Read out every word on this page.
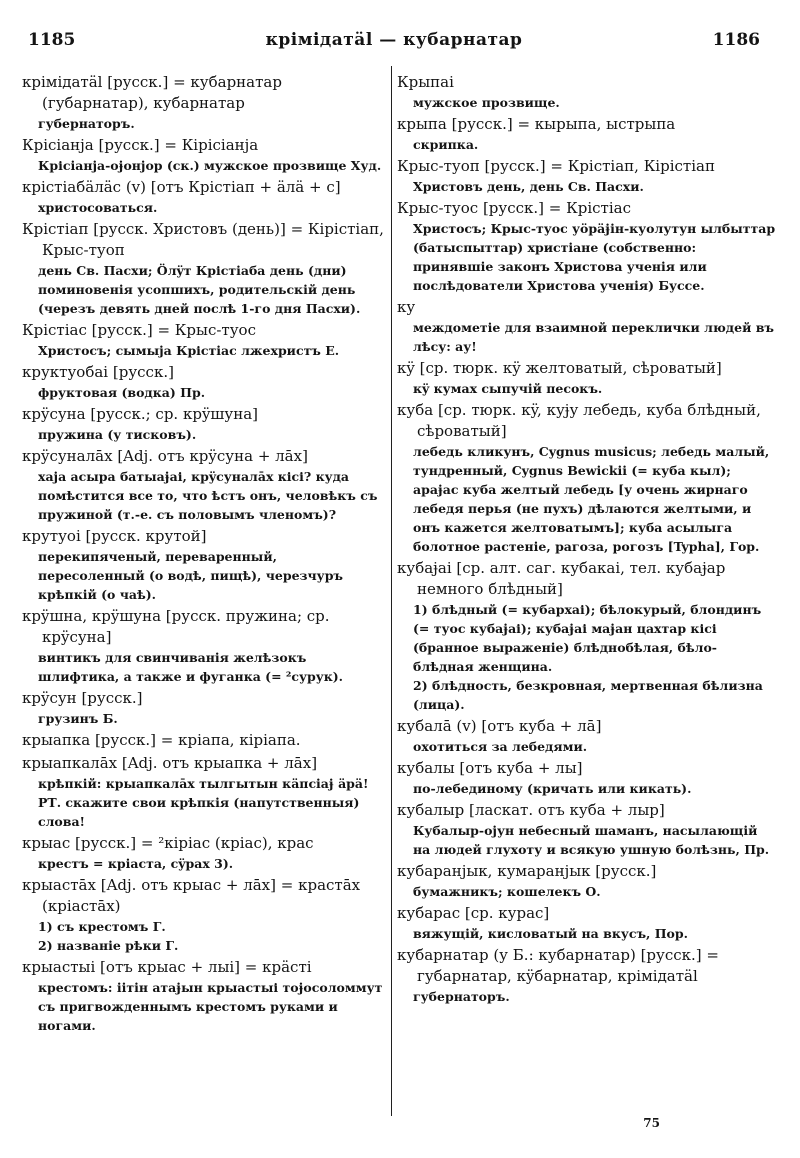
1185	крімідатäl — кубарнатар	1186
крімідатäl [русск.] = кубарнатар (губарнатар), кубарнатар
губернаторъ.
Крісiанjа [русск.] = Кірісiанjа
Крісiанjа-оɉонjор (ск.) мужское прозвище Худ.
крістiабäлäс (v) [отъ Крістiап + äлä + с]
христосоваться.
Крістiап [русск. Христовъ (день)] = Кірістiап, Крыс-туоп
день Св. Пасхи; Öлÿт Крістiаба день (дни) поминовенiя усопшихъ, родительскiй день (черезъ девять дней послѣ 1-го дня Пасхи).
Крістiас [русск.] = Крыс-туос
Христосъ; сымыjа Крістiас лжехристъ Е.
круктуобаі [русск.]
фруктовая (водка) Пр.
крÿсуна [русск.; ср. крÿшуна]
пружина (у тисковъ).
крÿсуналāх [Adj. отъ крÿсуна + лāх]
хаjа асыра батыаɉаі, крÿсуналāх кісі? куда помѣстится все то, что ѣстъ онъ, человѣкъ съ пружиной (т.-е. съ половымъ членомъ)?
крутуоі [русск. крутой]
перекипяченый, переваренный, пересоленный (о водѣ, пищѣ), черезчуръ крѣпкiй (о чаѣ).
крÿшна, крÿшуна [русск. пружина; ср. крÿсуна]
винтикъ для свинчиванiя желѣзокъ шлифтика, а также и фуганка (= ²сурук).
крÿсун [русск.]
грузинъ Б.
крыапка [русск.] = крiапа, кiрiапа.
крыапкалāх [Adj. отъ крыапка + лāх]
крѣпкiй: крыапкалāх тылгытын кäпсiаɉ äрä! РТ. скажите свои крѣпкiя (напутственныя) слова!
крыас [русск.] = ²кiрiас (крiас), крас
крестъ = крiаста, сÿрах 3).
крыастāх [Adj. отъ крыас + лāх] = крастāх (крiастāх)
1) съ крестомъ Г.
2) названiе рѣки Г.
крыастыі [отъ крыас + лыі] = крäстi
крестомъ: iiтiн атаɉын крыастыі тоɉосоломмут съ пригвожденнымъ крестомъ руками и ногами.
Крыпаі
мужское прозвище.
крыпа [русск.] = кырыпа, ыстрыпа
скрипка.
Крыс-туоп [русск.] = Крістiап, Кірістiап
Христовъ день, день Св. Пасхи.
Крыс-туос [русск.] = Крістiас
Христосъ; Крыс-туос уöрäɉiн-куолутун ылбыттар (батыспыттар) христiане (собственно: принявшiе законъ Христова ученiя или послѣдователи Христова ученiя) Буссе.
ку
междометiе для взаимной переклички людей въ лѣсу: ау!
кÿ [ср. тюрк. кÿ желтоватый, сѣроватый]
кÿ кумах сыпучiй песокъ.
куба [ср. тюрк. кÿ, куɉу лебедь, куба блѣдный, сѣроватый]
лебедь кликунъ, Cygnus musicus; лебедь малый, тундренный, Cygnus Bewickii (= куба кыл); араɉас куба желтый лебедь [у очень жирнаго лебедя перья (не пухъ) дѣлаются желтыми, и онъ кажется желтоватымъ]; куба асылыга болотное растенiе, рагоза, рогозъ [Typha], Гор.
кубаɉаі [ср. алт. саг. кубакаі, тел. кубаɉар немного блѣдный]
1) блѣдный (= кубархаі); бѣлокурый, блондинъ (= туос кубаɉаі); кубаɉаі маɉан цахтар кісі (бранное выраженiе) блѣднобѣлая, бѣло-блѣдная женщина.
2) блѣдность, безкровная, мертвенная бѣлизна (лица).
кубалā (v) [отъ куба + лā]
охотиться за лебедями.
кубалы [отъ куба + лы]
по-лебединому (кричать или кикать).
кубалыр [ласкат. отъ куба + лыр]
Кубалыр-оjун небесный шаманъ, насылающiй на людей глухоту и всякую ушную болѣзнь, Пр.
кубаранjык, кумаранjык [русск.]
бумажникъ; кошелекъ О.
кубарас [ср. курас]
вяжущiй, кисловатый на вкусъ, Пор.
кубарнатар (у Б.: кубарнатар) [русск.] = губарнатар, кÿбарнатар, крімідатäl
губернаторъ.
75
